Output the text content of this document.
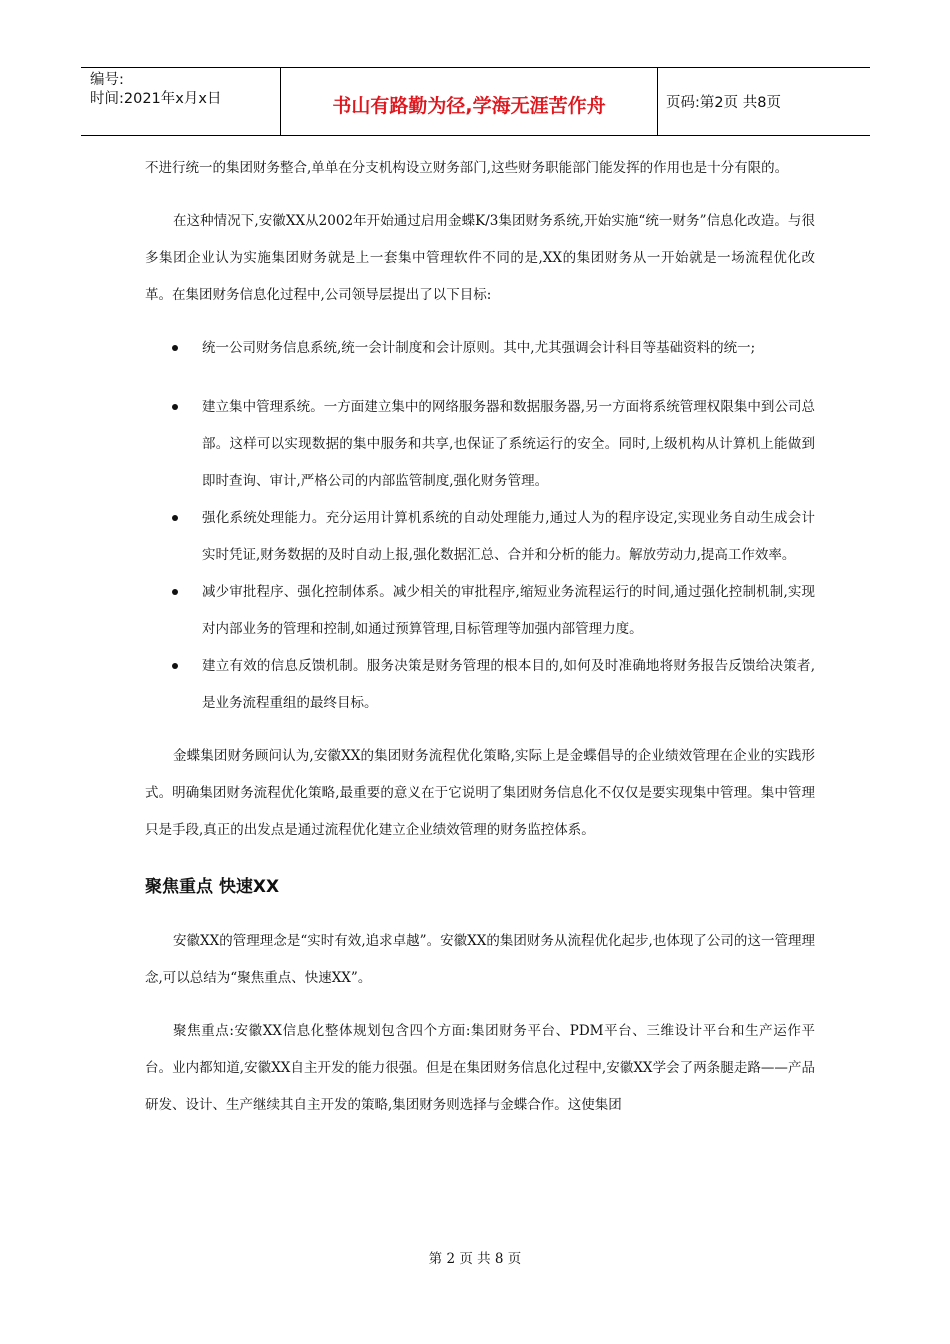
编号:
时间:2021年x月x日	书山有路勤为径,学海无涯苦作舟	页码:第2页 共8页

不进行统一的集团财务整合,单单在分支机构设立财务部门,这些财务职能部门能发挥的作用也是十分有限的。

在这种情况下,安徽XX从2002年开始通过启用金蝶K/3集团财务系统,开始实施“统一财务”信息化改造。与很多集团企业认为实施集团财务就是上一套集中管理软件不同的是,XX的集团财务从一开始就是一场流程优化改革。在集团财务信息化过程中,公司领导层提出了以下目标:

统一公司财务信息系统,统一会计制度和会计原则。其中,尤其强调会计科目等基础资料的统一;
建立集中管理系统。一方面建立集中的网络服务器和数据服务器,另一方面将系统管理权限集中到公司总部。这样可以实现数据的集中服务和共享,也保证了系统运行的安全。同时,上级机构从计算机上能做到即时查询、审计,严格公司的内部监管制度,强化财务管理。
强化系统处理能力。充分运用计算机系统的自动处理能力,通过人为的程序设定,实现业务自动生成会计实时凭证,财务数据的及时自动上报,强化数据汇总、合并和分析的能力。解放劳动力,提高工作效率。
减少审批程序、强化控制体系。减少相关的审批程序,缩短业务流程运行的时间,通过强化控制机制,实现对内部业务的管理和控制,如通过预算管理,目标管理等加强内部管理力度。
建立有效的信息反馈机制。服务决策是财务管理的根本目的,如何及时准确地将财务报告反馈给决策者,是业务流程重组的最终目标。

金蝶集团财务顾问认为,安徽XX的集团财务流程优化策略,实际上是金蝶倡导的企业绩效管理在企业的实践形式。明确集团财务流程优化策略,最重要的意义在于它说明了集团财务信息化不仅仅是要实现集中管理。集中管理只是手段,真正的出发点是通过流程优化建立企业绩效管理的财务监控体系。

聚焦重点 快速XX

安徽XX的管理理念是“实时有效,追求卓越”。安徽XX的集团财务从流程优化起步,也体现了公司的这一管理理念,可以总结为“聚焦重点、快速XX”。

聚焦重点:安徽XX信息化整体规划包含四个方面:集团财务平台、PDM平台、三维设计平台和生产运作平台。业内都知道,安徽XX自主开发的能力很强。但是在集团财务信息化过程中,安徽XX学会了两条腿走路——产品研发、设计、生产继续其自主开发的策略,集团财务则选择与金蝶合作。这使集团

第 2 页 共 8 页
